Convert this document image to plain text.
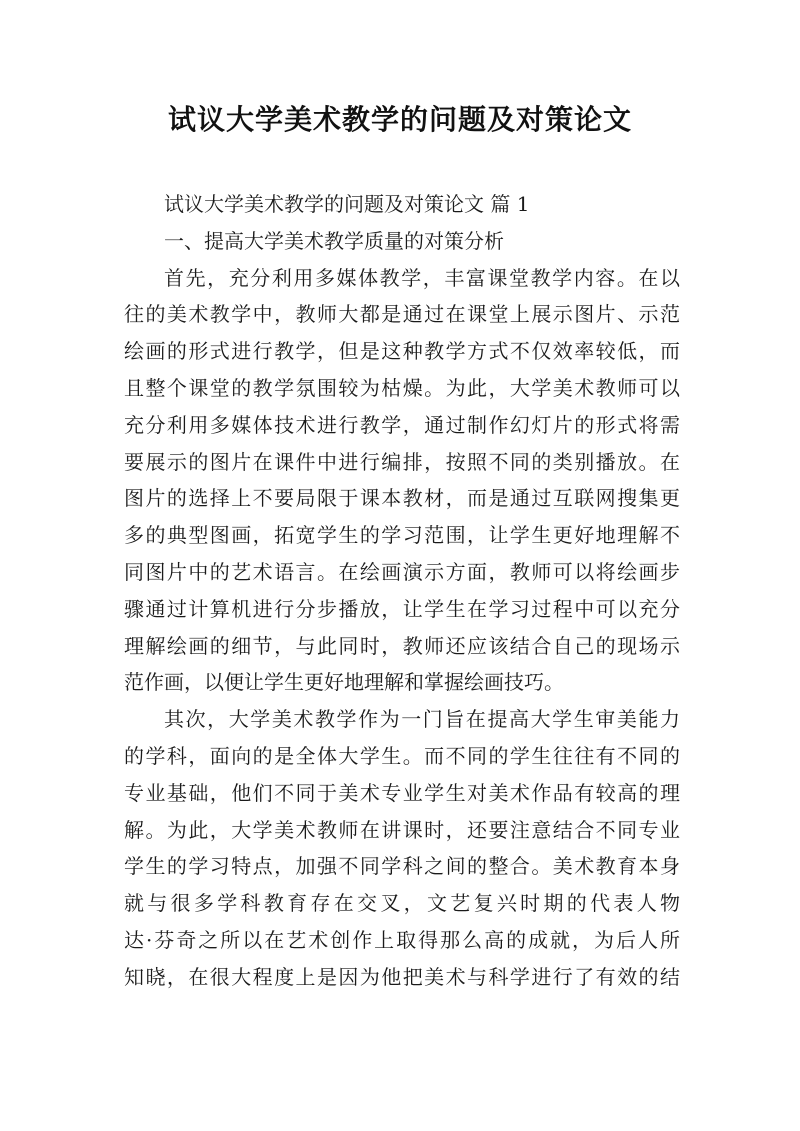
试议大学美术教学的问题及对策论文

试议大学美术教学的问题及对策论文 篇 1

一、提高大学美术教学质量的对策分析

首先，充分利用多媒体教学，丰富课堂教学内容。在以

往的美术教学中，教师大都是通过在课堂上展示图片、示范

绘画的形式进行教学，但是这种教学方式不仅效率较低，而

且整个课堂的教学氛围较为枯燥。为此，大学美术教师可以

充分利用多媒体技术进行教学，通过制作幻灯片的形式将需

要展示的图片在课件中进行编排，按照不同的类别播放。在

图片的选择上不要局限于课本教材，而是通过互联网搜集更

多的典型图画，拓宽学生的学习范围，让学生更好地理解不

同图片中的艺术语言。在绘画演示方面，教师可以将绘画步

骤通过计算机进行分步播放，让学生在学习过程中可以充分

理解绘画的细节，与此同时，教师还应该结合自己的现场示

范作画，以便让学生更好地理解和掌握绘画技巧。

其次，大学美术教学作为一门旨在提高大学生审美能力

的学科，面向的是全体大学生。而不同的学生往往有不同的

专业基础，他们不同于美术专业学生对美术作品有较高的理

解。为此，大学美术教师在讲课时，还要注意结合不同专业

学生的学习特点，加强不同学科之间的整合。美术教育本身

就与很多学科教育存在交叉，文艺复兴时期的代表人物

达·芬奇之所以在艺术创作上取得那么高的成就，为后人所

知晓，在很大程度上是因为他把美术与科学进行了有效的结
